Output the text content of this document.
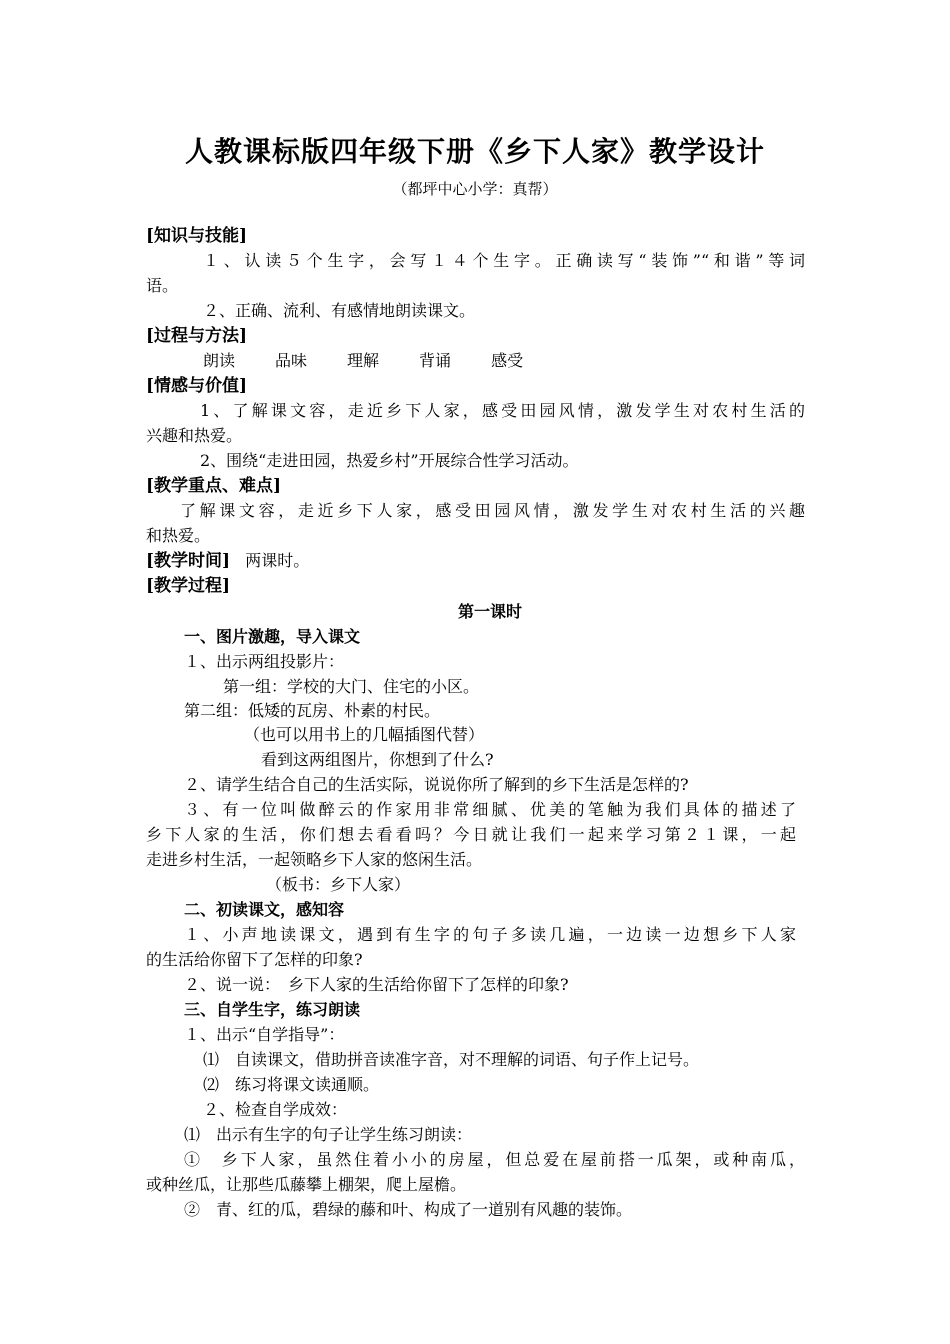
人教课标版四年级下册《乡下人家》教学设计
（都坪中心小学：真帮）
[知识与技能]
１、认读５个生字，会写１４个生字。正确读写“装饰”“和谐”等词
语。
２、正确、流利、有感情地朗读课文。
[过程与方法]
朗读	品味	理解	背诵	感受
[情感与价值]
1、了解课文容，走近乡下人家，感受田园风情，激发学生对农村生活的
兴趣和热爱。
2、围绕“走进田园，热爱乡村”开展综合性学习活动。
[教学重点、难点]
了解课文容，走近乡下人家，感受田园风情，激发学生对农村生活的兴趣
和热爱。
[教学时间] 两课时。
[教学过程]
第一课时
一、图片激趣，导入课文
１、出示两组投影片：
第一组：学校的大门、住宅的小区。
第二组：低矮的瓦房、朴素的村民。
（也可以用书上的几幅插图代替）
看到这两组图片，你想到了什么?
２、请学生结合自己的生活实际，说说你所了解到的乡下生活是怎样的?
３、有一位叫做醉云的作家用非常细腻、优美的笔触为我们具体的描述了
乡下人家的生活，你们想去看看吗？今日就让我们一起来学习第２１课，一起
走进乡村生活，一起领略乡下人家的悠闲生活。
（板书：乡下人家）
二、初读课文，感知容
１、小声地读课文，遇到有生字的句子多读几遍，一边读一边想乡下人家
的生活给你留下了怎样的印象?
２、说一说：　乡下人家的生活给你留下了怎样的印象?
三、自学生字，练习朗读
１、出示“自学指导”：
⑴　自读课文，借助拼音读准字音，对不理解的词语、句子作上记号。
⑵　练习将课文读通顺。
２、检查自学成效：
⑴　出示有生字的句子让学生练习朗读：
①　乡下人家，虽然住着小小的房屋，但总爱在屋前搭一瓜架，或种南瓜，
或种丝瓜，让那些瓜藤攀上棚架，爬上屋檐。
②　青、红的瓜，碧绿的藤和叶、构成了一道别有风趣的装饰。
